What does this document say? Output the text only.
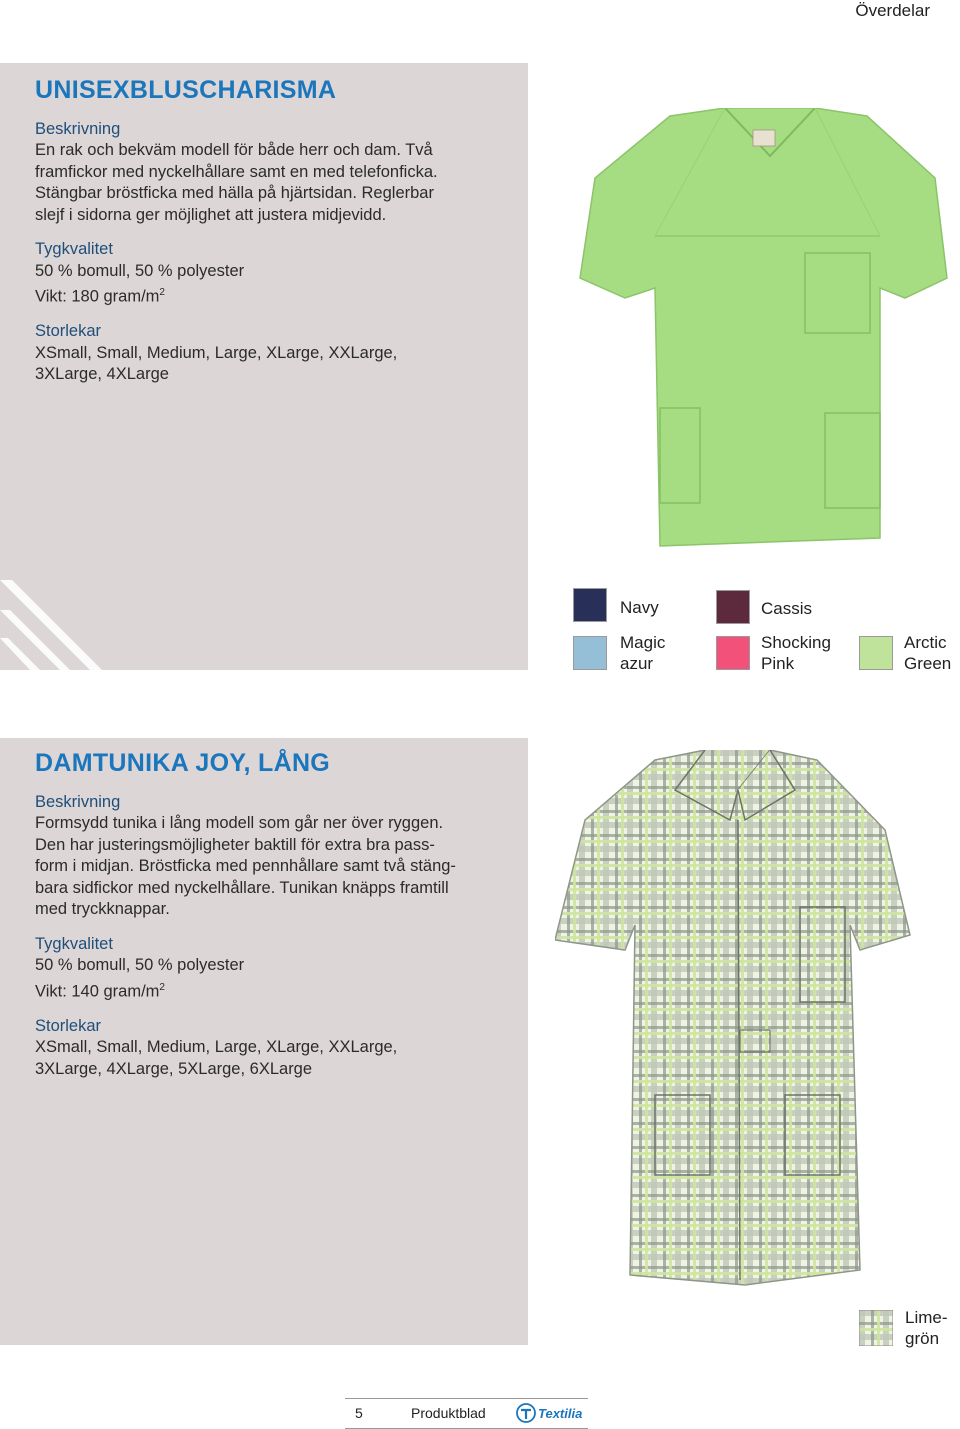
Överdelar
UNISEXBLUSCHARISMA
Beskrivning
En rak och bekväm modell för både herr och dam. Två
framfickor med nyckelhållare samt en med telefonficka.
Stängbar bröstficka med hälla på hjärtsidan. Reglerbar
slejf i sidorna ger möjlighet att justera midjevidd.
Tygkvalitet
50 % bomull, 50 % polyester
Vikt: 180 gram/$m^2$
Storlekar
XSmall, Small, Medium, Large, XLarge, XXLarge,
3XLarge, 4XLarge
Navy	Cassis
Magic
azur
Shocking
Pink
Arctic
Green
DAMTUNIKA JOY, LÅNG
Beskrivning
Formsydd tunika i lång modell som går ner över ryggen.
Den har justeringsmöjligheter baktill för extra bra pass-
form i midjan. Bröstficka med pennhållare samt två stäng-
bara sidfickor med nyckelhållare. Tunikan knäpps framtill
med tryckknappar.
Tygkvalitet
50 % bomull, 50 % polyester
Vikt: 140 gram/$m^2$
Storlekar
XSmall, Small, Medium, Large, XLarge, XXLarge,
3XLarge, 4XLarge, 5XLarge, 6XLarge
Lime-
grön
5	Produktblad	Textilia
